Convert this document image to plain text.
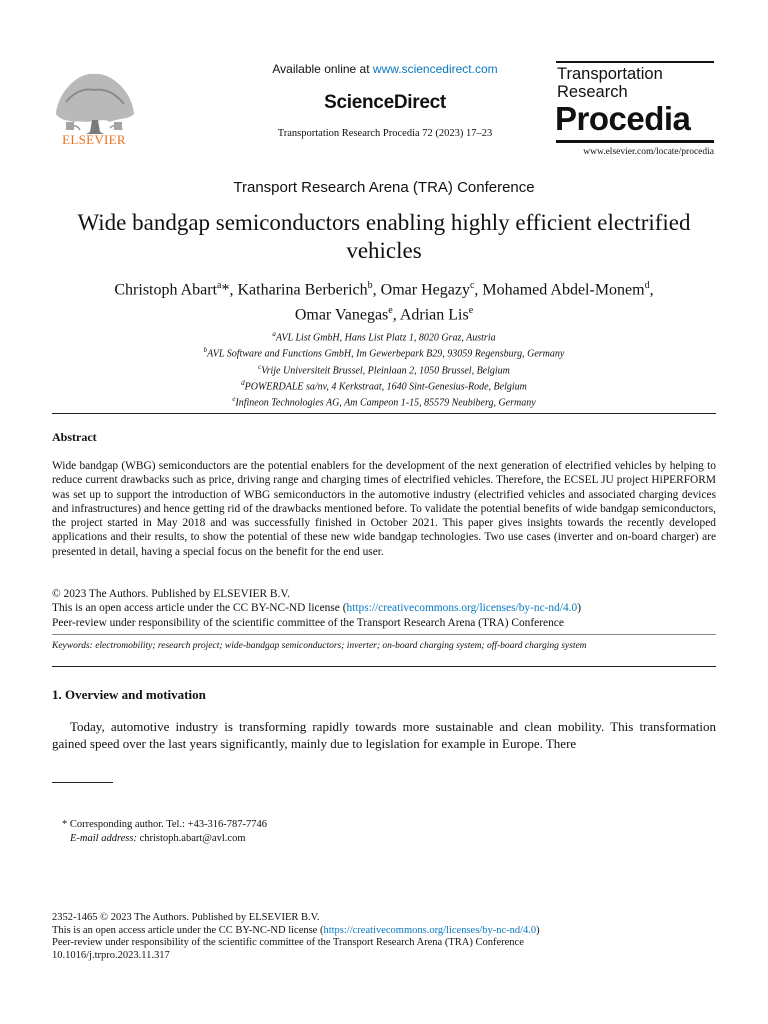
ELSEVIER
Available online at www.sciencedirect.com
ScienceDirect
Transportation Research Procedia 72 (2023) 17–23
Transportation
Research
Procedia
www.elsevier.com/locate/procedia
Transport Research Arena (TRA) Conference
Wide bandgap semiconductors enabling highly efficient electrified vehicles
Christoph Abart$^a$*, Katharina Berberich$^b$, Omar Hegazy$^c$, Mohamed Abdel-Monem$^d$,
Omar Vanegas$^e$, Adrian Lis$^e$
$^a$AVL List GmbH, Hans List Platz 1, 8020 Graz, Austria
$^b$AVL Software and Functions GmbH, Im Gewerbepark B29, 93059 Regensburg, Germany
$^c$Vrije Universiteit Brussel, Pleinlaan 2, 1050 Brussel, Belgium
$^d$POWERDALE sa/nv, 4 Kerkstraat, 1640 Sint-Genesius-Rode, Belgium
$^e$Infineon Technologies AG, Am Campeon 1-15, 85579 Neubiberg, Germany
Abstract
Wide bandgap (WBG) semiconductors are the potential enablers for the development of the next generation of electrified vehicles by helping to reduce current drawbacks such as price, driving range and charging times of electrified vehicles. Therefore, the ECSEL JU project HiPERFORM was set up to support the introduction of WBG semiconductors in the automotive industry (electrified vehicles and associated charging devices and infrastructures) and hence getting rid of the drawbacks mentioned before. To validate the potential benefits of wide bandgap semiconductors, the project started in May 2018 and was successfully finished in October 2021. This paper gives insights towards the recently developed applications and their results, to show the potential of these new wide bandgap technologies. Two use cases (inverter and on-board charger) are presented in detail, having a special focus on the benefit for the end user.
© 2023 The Authors. Published by ELSEVIER B.V.
This is an open access article under the CC BY-NC-ND license (https://creativecommons.org/licenses/by-nc-nd/4.0)
Peer-review under responsibility of the scientific committee of the Transport Research Arena (TRA) Conference
Keywords: electromobility; research project; wide-bandgap semiconductors; inverter; on-board charging system; off-board charging system
1. Overview and motivation
Today, automotive industry is transforming rapidly towards more sustainable and clean mobility. This transformation gained speed over the last years significantly, mainly due to legislation for example in Europe. There
* Corresponding author. Tel.: +43-316-787-7746
E-mail address: christoph.abart@avl.com
2352-1465 © 2023 The Authors. Published by ELSEVIER B.V.
This is an open access article under the CC BY-NC-ND license (https://creativecommons.org/licenses/by-nc-nd/4.0)
Peer-review under responsibility of the scientific committee of the Transport Research Arena (TRA) Conference
10.1016/j.trpro.2023.11.317
